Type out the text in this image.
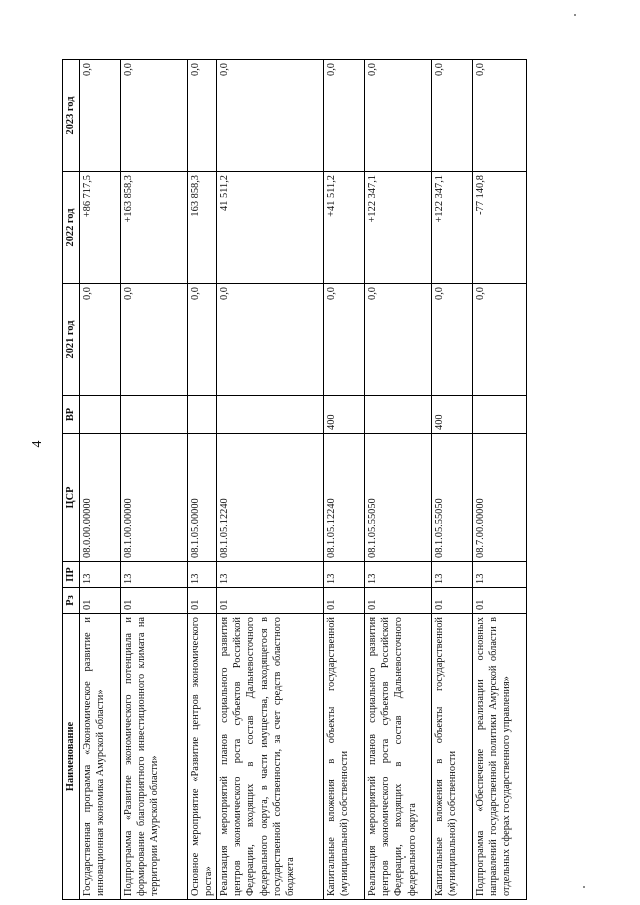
4
Наименование	Рз	ПР	ЦСР	ВР	2021 год	2022 год	2023 год
Государственная программа «Экономическое развитие и инновационная экономика Амурской области»	01	13	08.0.00.00000		0,0	+86 717,5	0,0
Подпрограмма «Развитие экономического потенциала и формирование благоприятного инвестиционного климата на территории Амурской области»	01	13	08.1.00.00000		0,0	+163 858,3	0,0
Основное мероприятие «Развитие центров экономического роста»	01	13	08.1.05.00000		0,0	163 858,3	0,0
Реализация мероприятий планов социального развития центров экономического роста субъектов Российской Федерации, входящих в состав Дальневосточного федерального округа, в части имущества, находящегося в государственной собственности, за счет средств областного бюджета	01	13	08.1.05.12240		0,0	41 511,2	0,0
Капитальные вложения в объекты государственной (муниципальной) собственности	01	13	08.1.05.12240	400	0,0	+41 511,2	0,0
Реализация мероприятий планов социального развития центров экономического роста субъектов Российской Федерации, входящих в состав Дальневосточного федерального округа	01	13	08.1.05.55050		0,0	+122 347,1	0,0
Капитальные вложения в объекты государственной (муниципальной) собственности	01	13	08.1.05.55050	400	0,0	+122 347,1	0,0
Подпрограмма «Обеспечение реализации основных направлений государственной политики Амурской области в отдельных сферах государственного управления»	01	13	08.7.00.00000		0,0	-77 140,8	0,0
